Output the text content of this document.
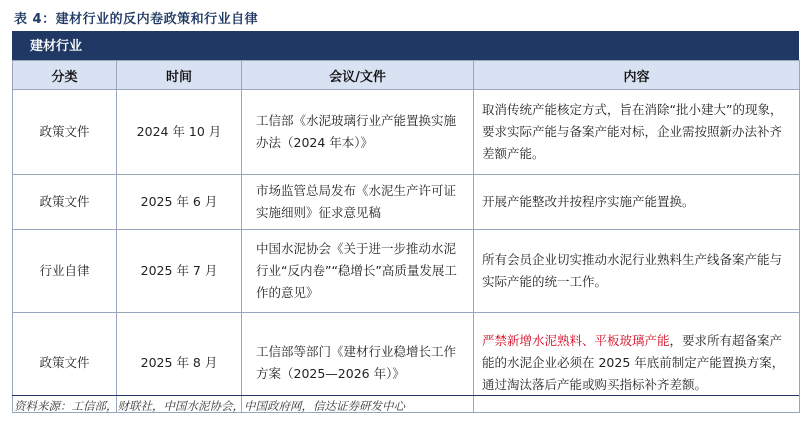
表 4：建材行业的反内卷政策和行业自律
建材行业
分类	时间	会议/文件	内容
政策文件	2024 年 10 月	工信部《水泥玻璃行业产能置换实施办法（2024 年本）》	取消传统产能核定方式，旨在消除“批小建大”的现象，要求实际产能与备案产能对标，企业需按照新办法补齐差额产能。
政策文件	2025 年 6 月	市场监管总局发布《水泥生产许可证实施细则》征求意见稿	开展产能整改并按程序实施产能置换。
行业自律	2025 年 7 月	中国水泥协会《关于进一步推动水泥行业“反内卷”“稳增长”高质量发展工作的意见》	所有会员企业切实推动水泥行业熟料生产线备案产能与实际产能的统一工作。
政策文件	2025 年 8 月	工信部等部门《建材行业稳增长工作方案（2025—2026 年）》	严禁新增水泥熟料、平板玻璃产能，要求所有超备案产能的水泥企业必须在 2025 年底前制定产能置换方案，通过淘汰落后产能或购买指标补齐差额。
资料来源：工信部，财联社，中国水泥协会，中国政府网，信达证券研发中心
